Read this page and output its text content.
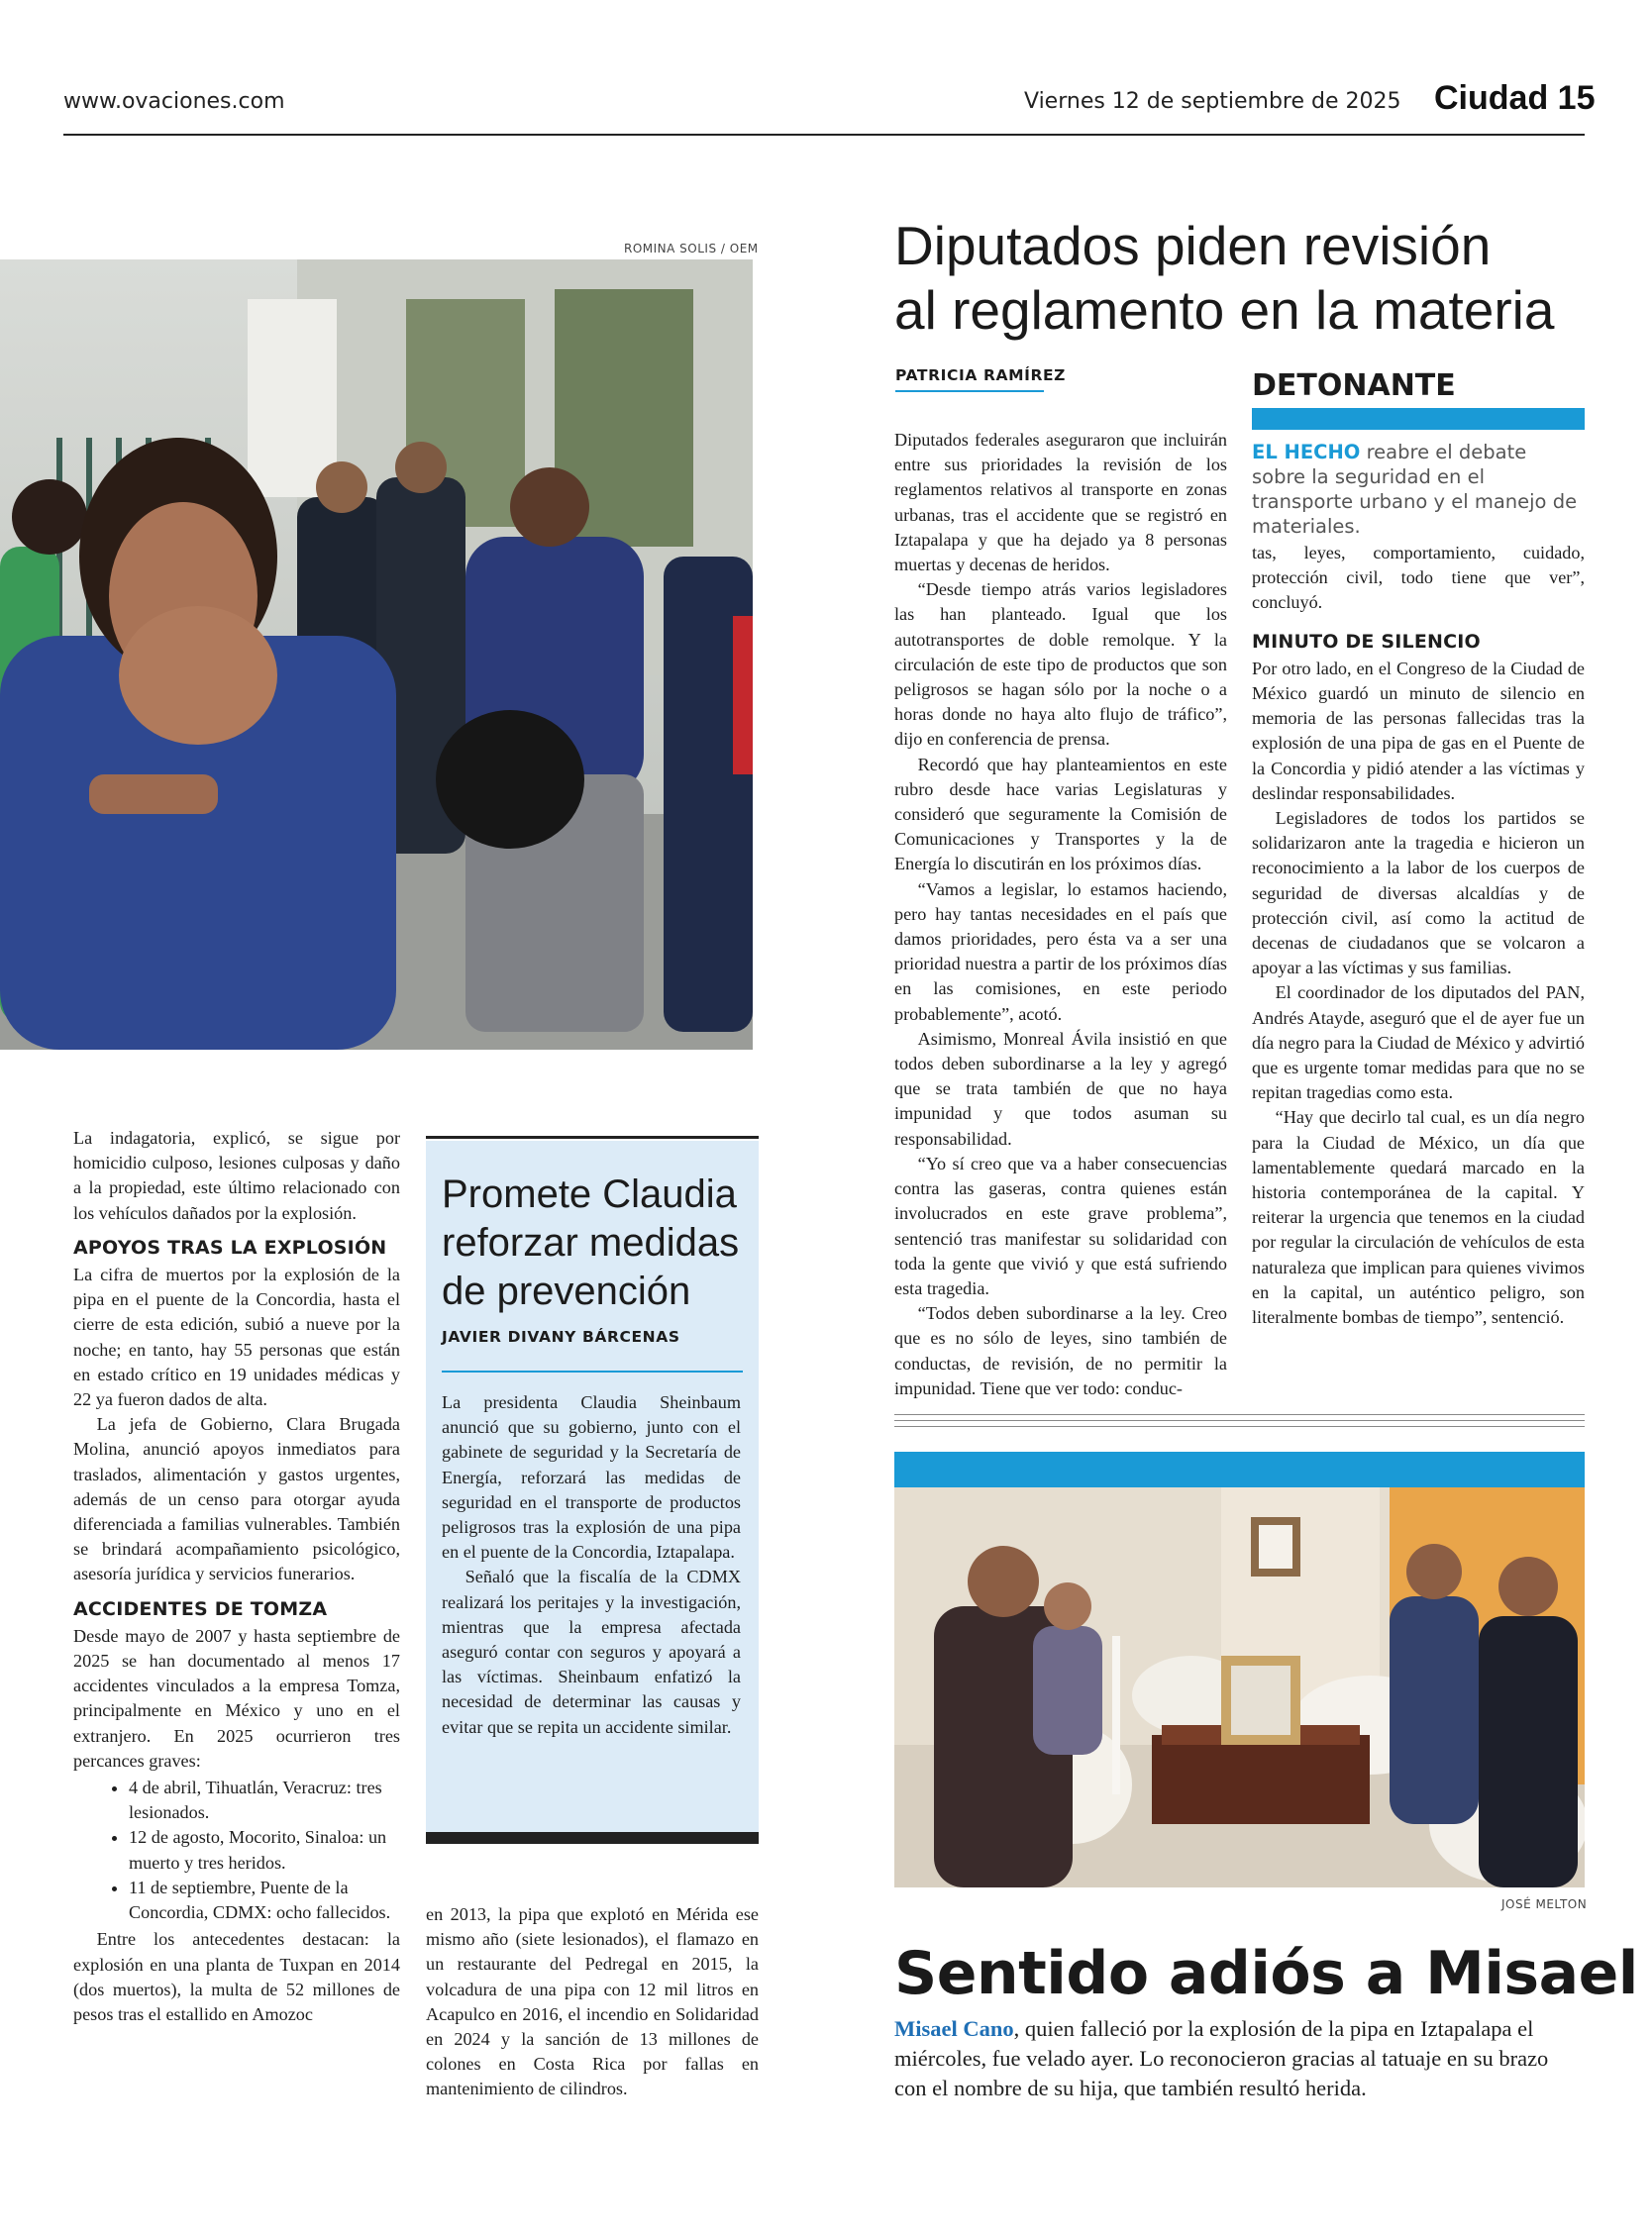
www.ovaciones.com	Viernes 12 de septiembre de 2025 Ciudad 15
ROMINA SOLIS / OEM

La indagatoria, explicó, se sigue por homicidio culposo, lesiones culposas y daño a la propiedad, este último relacionado con los vehículos dañados por la explosión.

APOYOS TRAS LA EXPLOSIÓN

La cifra de muertos por la explosión de la pipa en el puente de la Concordia, hasta el cierre de esta edición, subió a nueve por la noche; en tanto, hay 55 personas que están en estado crítico en 19 unidades médicas y 22 ya fueron dados de alta.

La jefa de Gobierno, Clara Brugada Molina, anunció apoyos inmediatos para traslados, alimentación y gastos urgentes, además de un censo para otorgar ayuda diferenciada a familias vulnerables. También se brindará acompañamiento psicológico, asesoría jurídica y servicios funerarios.

ACCIDENTES DE TOMZA

Desde mayo de 2007 y hasta septiembre de 2025 se han documentado al menos 17 accidentes vinculados a la empresa Tomza, principalmente en México y uno en el extranjero. En 2025 ocurrieron tres percances graves:

• 4 de abril, Tihuatlán, Veracruz: tres lesionados.
• 12 de agosto, Mocorito, Sinaloa: un muerto y tres heridos.
• 11 de septiembre, Puente de la Concordia, CDMX: ocho fallecidos.

Entre los antecedentes destacan: la explosión en una planta de Tuxpan en 2014 (dos muertos), la multa de 52 millones de pesos tras el estallido en Amozoc

Promete Claudia
reforzar medidas
de prevención
JAVIER DIVANY BÁRCENAS

La presidenta Claudia Sheinbaum anunció que su gobierno, junto con el gabinete de seguridad y la Secretaría de Energía, reforzará las medidas de seguridad en el transporte de productos peligrosos tras la explosión de una pipa en el puente de la Concordia, Iztapalapa.

Señaló que la fiscalía de la CDMX realizará los peritajes y la investigación, mientras que la empresa afectada aseguró contar con seguros y apoyará a las víctimas. Sheinbaum enfatizó la necesidad de determinar las causas y evitar que se repita un accidente similar.

en 2013, la pipa que explotó en Mérida ese mismo año (siete lesionados), el flamazo en un restaurante del Pedregal en 2015, la volcadura de una pipa con 12 mil litros en Acapulco en 2016, el incendio en Solidaridad en 2024 y la sanción de 13 millones de colones en Costa Rica por fallas en mantenimiento de cilindros.

Diputados piden revisión
al reglamento en la materia
PATRICIA RAMÍREZ

Diputados federales aseguraron que incluirán entre sus prioridades la revisión de los reglamentos relativos al transporte en zonas urbanas, tras el accidente que se registró en Iztapalapa y que ha dejado ya 8 personas muertas y decenas de heridos.

“Desde tiempo atrás varios legisladores las han planteado. Igual que los autotransportes de doble remolque. Y la circulación de este tipo de productos que son peligrosos se hagan sólo por la noche o a horas donde no haya alto flujo de tráfico”, dijo en conferencia de prensa.

Recordó que hay planteamientos en este rubro desde hace varias Legislaturas y consideró que seguramente la Comisión de Comunicaciones y Transportes y la de Energía lo discutirán en los próximos días.

“Vamos a legislar, lo estamos haciendo, pero hay tantas necesidades en el país que damos prioridades, pero ésta va a ser una prioridad nuestra a partir de los próximos días en las comisiones, en este periodo probablemente”, acotó.

Asimismo, Monreal Ávila insistió en que todos deben subordinarse a la ley y agregó que se trata también de que no haya impunidad y que todos asuman su responsabilidad.

“Yo sí creo que va a haber consecuencias contra las gaseras, contra quienes están involucrados en este grave problema”, sentenció tras manifestar su solidaridad con toda la gente que vivió y que está sufriendo esta tragedia.

“Todos deben subordinarse a la ley. Creo que es no sólo de leyes, sino también de conductas, de revisión, de no permitir la impunidad. Tiene que ver todo: conduc-

DETONANTE
EL HECHO reabre el debate sobre la seguridad en el transporte urbano y el manejo de materiales.

tas, leyes, comportamiento, cuidado, protección civil, todo tiene que ver”, concluyó.

MINUTO DE SILENCIO

Por otro lado, en el Congreso de la Ciudad de México guardó un minuto de silencio en memoria de las personas fallecidas tras la explosión de una pipa de gas en el Puente de la Concordia y pidió atender a las víctimas y deslindar responsabilidades.

Legisladores de todos los partidos se solidarizaron ante la tragedia e hicieron un reconocimiento a la labor de los cuerpos de seguridad de diversas alcaldías y de protección civil, así como la actitud de decenas de ciudadanos que se volcaron a apoyar a las víctimas y sus familias.

El coordinador de los diputados del PAN, Andrés Atayde, aseguró que el de ayer fue un día negro para la Ciudad de México y advirtió que es urgente tomar medidas para que no se repitan tragedias como esta.

“Hay que decirlo tal cual, es un día negro para la Ciudad de México, un día que lamentablemente quedará marcado en la historia contemporánea de la capital. Y reiterar la urgencia que tenemos en la ciudad por regular la circulación de vehículos de esta naturaleza que implican para quienes vivimos en la capital, un auténtico peligro, son literalmente bombas de tiempo”, sentenció.

JOSÉ MELTON
Sentido adiós a Misael
Misael Cano, quien falleció por la explosión de la pipa en Iztapalapa el miércoles, fue velado ayer. Lo reconocieron gracias al tatuaje en su brazo con el nombre de su hija, que también resultó herida.
